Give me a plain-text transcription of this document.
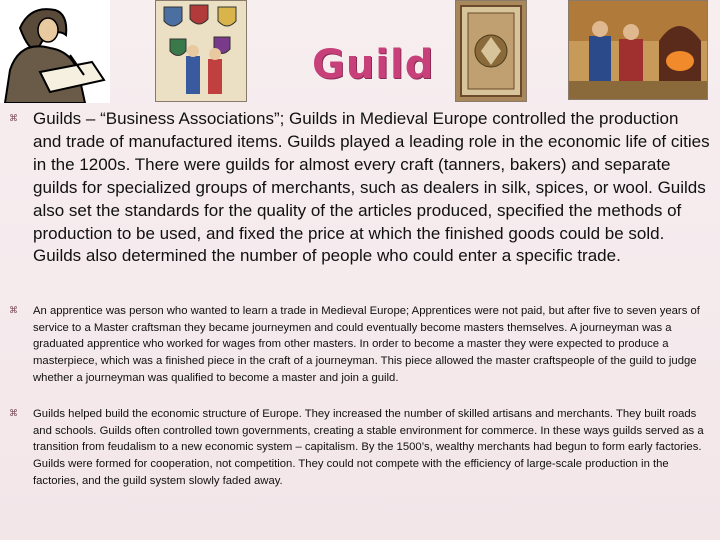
Guild
⌘ Guilds – “Business Associations”; Guilds in Medieval Europe controlled the production and trade of manufactured items. Guilds played a leading role in the economic life of cities in the 1200s. There were guilds for almost every craft (tanners, bakers) and separate guilds for specialized groups of merchants, such as dealers in silk, spices, or wool. Guilds also set the standards for the quality of the articles produced, specified the methods of production to be used, and fixed the price at which the finished goods could be sold. Guilds also determined the number of people who could enter a specific trade.
⌘ An apprentice was person who wanted to learn a trade in Medieval Europe; Apprentices were not paid, but after five to seven years of service to a Master craftsman they became journeymen and could eventually become masters themselves. A journeyman was a graduated apprentice who worked for wages from other masters. In order to become a master they were expected to produce a masterpiece, which was a finished piece in the craft of a journeyman. This piece allowed the master craftspeople of the guild to judge whether a journeyman was qualified to become a master and join a guild.
⌘ Guilds helped build the economic structure of Europe. They increased the number of skilled artisans and merchants. They built roads and schools. Guilds often controlled town governments, creating a stable environment for commerce. In these ways guilds served as a transition from feudalism to a new economic system – capitalism. By the 1500’s, wealthy merchants had begun to form early factories. Guilds were formed for cooperation, not competition. They could not compete with the efficiency of large-scale production in the factories, and the guild system slowly faded away.
